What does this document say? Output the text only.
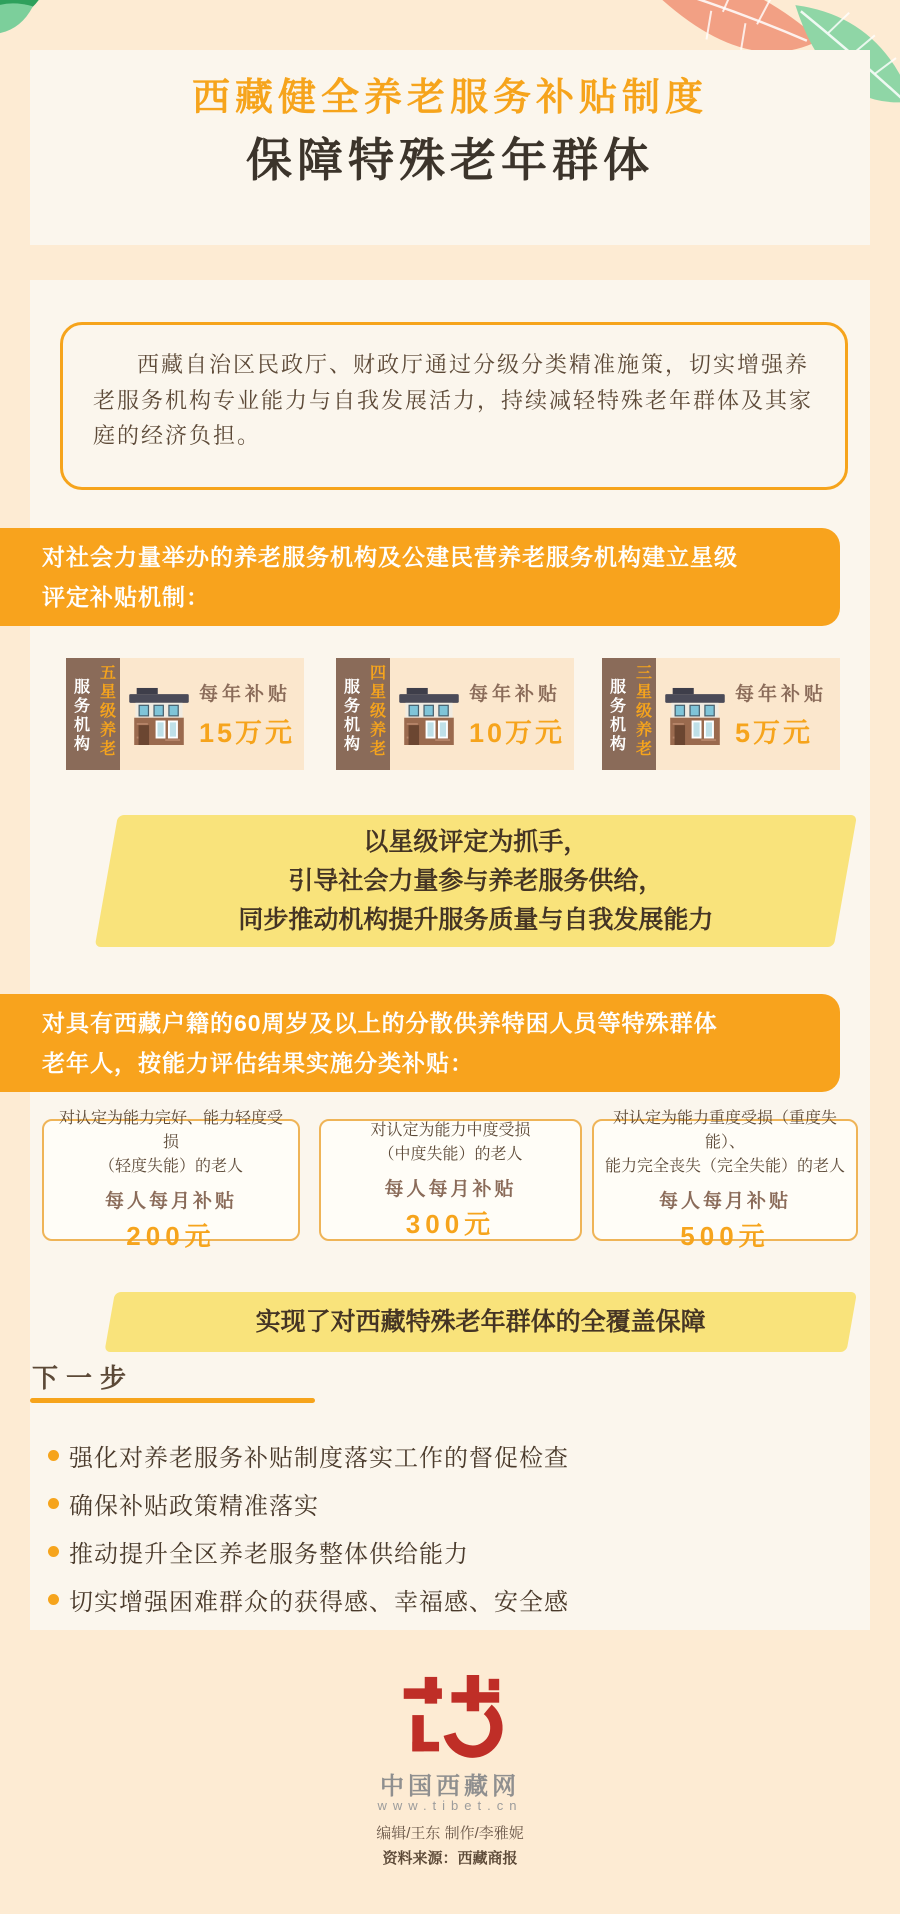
西藏健全养老服务补贴制度
保障特殊老年群体
西藏自治区民政厅、财政厅通过分级分类精准施策，切实增强养老服务机构专业能力与自我发展活力，持续减轻特殊老年群体及其家庭的经济负担。
对社会力量举办的养老服务机构及公建民营养老服务机构建立星级
评定补贴机制：
服务机构 五星级养老	每年补贴
15万元	服务机构 四星级养老	每年补贴
10万元	服务机构 三星级养老	每年补贴
5万元
以星级评定为抓手，
引导社会力量参与养老服务供给，
同步推动机构提升服务质量与自我发展能力
对具有西藏户籍的60周岁及以上的分散供养特困人员等特殊群体
老年人，按能力评估结果实施分类补贴：
对认定为能力完好、能力轻度受损
（轻度失能）的老人
每人每月补贴
200元
对认定为能力中度受损
（中度失能）的老人
每人每月补贴
300元
对认定为能力重度受损（重度失能）、
能力完全丧失（完全失能）的老人
每人每月补贴
500元
实现了对西藏特殊老年群体的全覆盖保障
下一步
强化对养老服务补贴制度落实工作的督促检查
确保补贴政策精准落实
推动提升全区养老服务整体供给能力
切实增强困难群众的获得感、幸福感、安全感
中国西藏网
www.tibet.cn
编辑/王东 制作/李雅妮
资料来源：西藏商报
